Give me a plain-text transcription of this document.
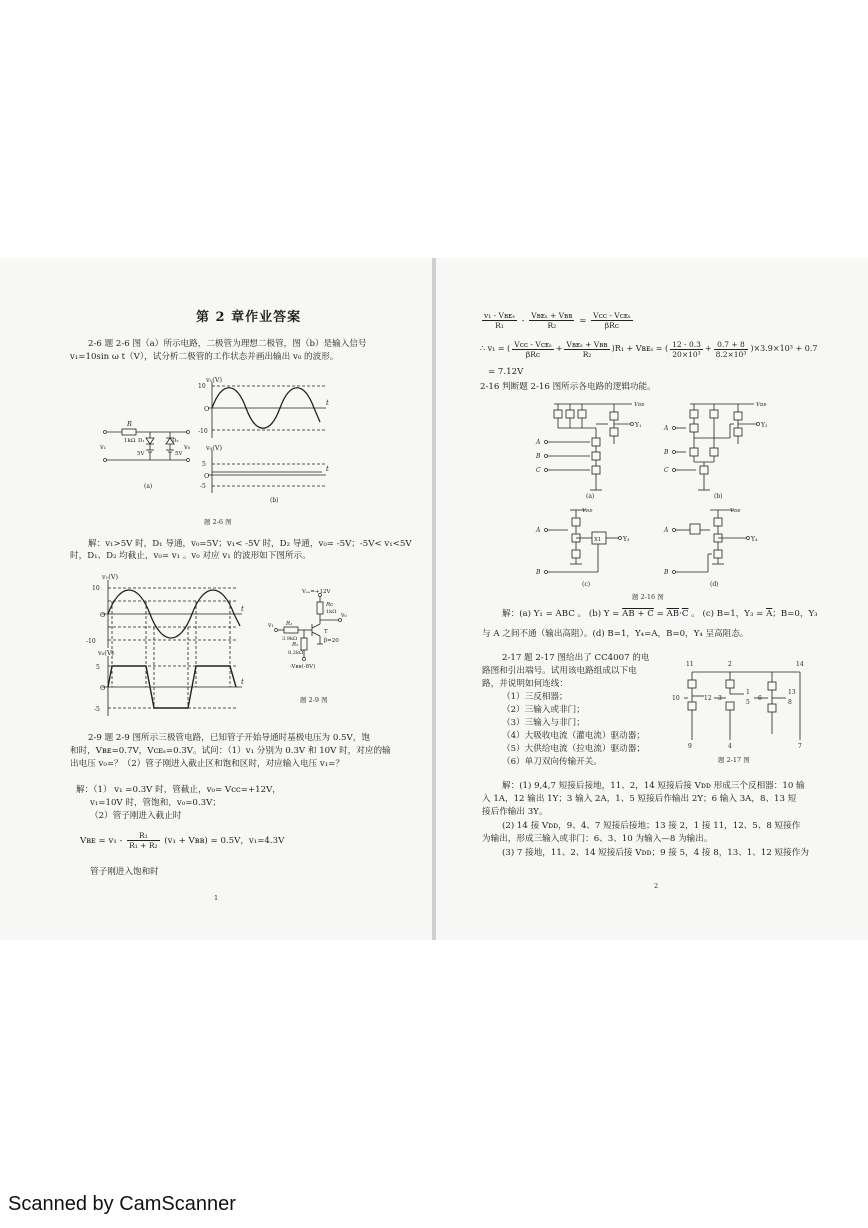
第 2 章作业答案
2-6 题 2-6 图（a）所示电路，二极管为理想二极管，图（b）是输入信号
v₁=10sin ω t（V），试分析二极管的工作状态并画出输出 v₀ 的波形。
R
1kΩ D₁	D₂
5V	5V
v₁	v₀
(a)
v₁(V)
t
O
10
-10
v₀(V)
t
O
5
-5
(b)
题 2-6 图
解：v₁>5V 时，D₁ 导通，v₀=5V；v₁< -5V 时，D₂ 导通，v₀= -5V；-5V< v₁<5V
时，D₁、D₂ 均截止，v₀= v₁ 。v₀ 对应 v₁ 的波形如下图所示。
v₁(V)
10
-10
O
t
v₀(V)
5
-5
O
t
Vₑₑ=+12V
Rᴄ
1kΩ v₀
v₁ R₁
3.9kΩ
R₂
8.2kΩ
T
β=20
-Vʙʙ(-8V)
题 2-9 图
2-9 题 2-9 图所示三极管电路，已知管子开始导通时基极电压为 0.5V，饱
和时，Vʙᴇ=0.7V，Vᴄᴇₛ=0.3V。试问：（1）v₁ 分别为 0.3V 和 10V 时，对应的输
出电压 v₀=？（2）管子刚进入截止区和饱和区时，对应输入电压 v₁=？
解：（1） v₁ =0.3V 时，管截止，v₀= Vᴄᴄ=+12V，
v₁=10V 时，管饱和，v₀=0.3V；
（2）管子刚进入截止时
Vʙᴇ = $v_1 - \frac{\text{R₁}}{\text{R₁ + R₂}} (v_1$ + Vʙʙ) = 0.5V，v₁=4.3V
管子刚进入饱和时
1
$\frac{\text{v₁ - Vʙᴇₛ}}{\text{R₁}} - \frac{\text{Vʙᴇₛ + Vʙʙ}}{\text{R₂}} = \frac{\text{Vᴄᴄ - Vᴄᴇₛ}}{\text{βRᴄ}}$
∴ v₁ = ( $\frac{\text{Vᴄᴄ - Vᴄᴇₛ}}{\text{βRᴄ}} + \frac{\text{Vʙᴇₛ + Vʙʙ}}{\text{R₂}} )R_1$ + Vʙᴇₛ = ( $\frac{12 - 0.3}{\text{20×10³}} + \frac{0.7 + 8}{\text{8.2×10³}} )\times 3.9\times 10^3 + 0.7$
= 7.12V
2-16 判断题 2-16 图所示各电路的逻辑功能。
Vᴅᴅ
A
B
C
Y₁
(a)
Vᴅᴅ
A
B
C
Y₂
(b)
Vᴅᴅ
X1
A
B
Y₃
(c)
Vᴅᴅ
A
B
Y₄
(d)
题 2-16 图
解：(a) Y₁ = ABC 。 (b) Y = AB + $C = \overline{AB}\cdot\overline{C}$ 。 (c) B=1，$Y_3 = \overline{A}$；B=0，Y₃
与 A 之间不通（输出高阻）。(d) B=1，Y₄=A，B=0，Y₄ 呈高阻态。
2-17 题 2-17 图给出了 CC4007 的电
路图和引出端号。试用该电路组成以下电
路，并说明如何连线：
（1）三反相器；
（2）三输入或非门；
（3）三输入与非门；
（4）大吸收电流（灌电流）驱动器；
（5）大供给电流（拉电流）驱动器；
（6）单刀双向传输开关。
11	2	14
10	12 3
1
5
6
13
8
9	4	7
题 2-17 图
解：(1) 9,4,7 短接后接地，11、2，14 短接后接 Vᴅᴅ 形成三个反相器：10 输
入 1A，12 输出 1Y；3 输入 2A，1、5 短接后作输出 2Y；6 输入 3A，8、13 短
接后作输出 3Y。
(2) 14 接 Vᴅᴅ，9、4、7 短接后接地；13 接 2，1 接 11，12、5、8 短接作
为输出，形成三输入或非门：6、3、10 为输入—8 为输出。
(3) 7 接地，11、2、14 短接后接 Vᴅᴅ；9 接 5，4 接 8，13、1、12 短接作为
2
Scanned by CamScanner
